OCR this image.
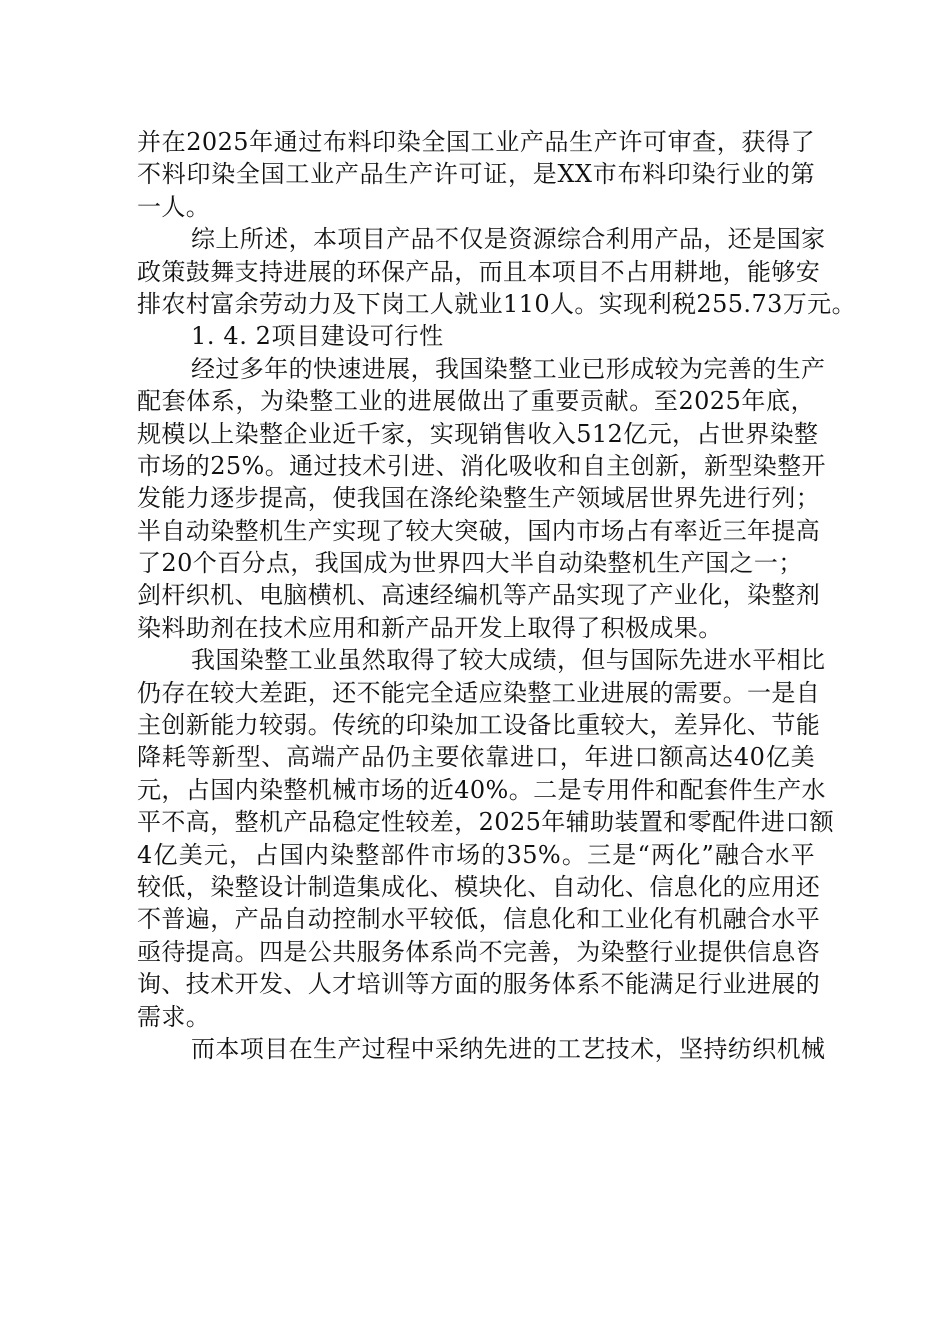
并在2025年通过布料印染全国工业产品生产许可审查，获得了
不料印染全国工业产品生产许可证，是XX市布料印染行业的第
一人。
综上所述，本项目产品不仅是资源综合利用产品，还是国家
政策鼓舞支持进展的环保产品，而且本项目不占用耕地，能够安
排农村富余劳动力及下岗工人就业110人。实现利税255.73万元。
1. 4. 2项目建设可行性
经过多年的快速进展，我国染整工业已形成较为完善的生产
配套体系，为染整工业的进展做出了重要贡献。至2025年底，
规模以上染整企业近千家，实现销售收入512亿元，占世界染整
市场的25%。通过技术引进、消化吸收和自主创新，新型染整开
发能力逐步提高，使我国在涤纶染整生产领域居世界先进行列；
半自动染整机生产实现了较大突破，国内市场占有率近三年提高
了20个百分点，我国成为世界四大半自动染整机生产国之一；
剑杆织机、电脑横机、高速经编机等产品实现了产业化，染整剂
染料助剂在技术应用和新产品开发上取得了积极成果。
我国染整工业虽然取得了较大成绩，但与国际先进水平相比
仍存在较大差距，还不能完全适应染整工业进展的需要。一是自
主创新能力较弱。传统的印染加工设备比重较大，差异化、节能
降耗等新型、高端产品仍主要依靠进口，年进口额高达40亿美
元，占国内染整机械市场的近40%。二是专用件和配套件生产水
平不高，整机产品稳定性较差，2025年辅助装置和零配件进口额
4亿美元，占国内染整部件市场的35%。三是“两化”融合水平
较低，染整设计制造集成化、模块化、自动化、信息化的应用还
不普遍，产品自动控制水平较低，信息化和工业化有机融合水平
亟待提高。四是公共服务体系尚不完善，为染整行业提供信息咨
询、技术开发、人才培训等方面的服务体系不能满足行业进展的
需求。
而本项目在生产过程中采纳先进的工艺技术，坚持纺织机械
